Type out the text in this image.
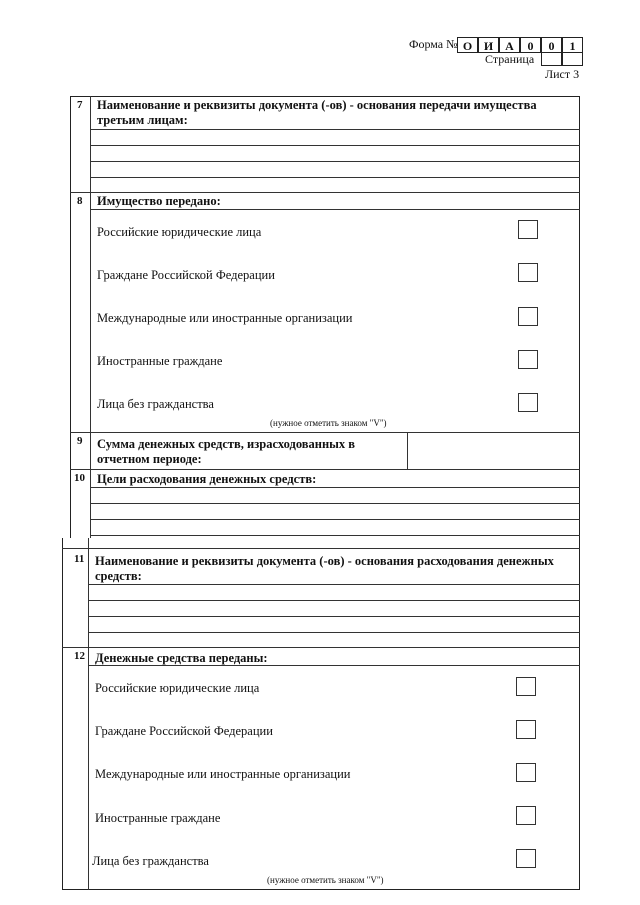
Форма № О И А	0	0	1
Страница
Лист 3
7 Наименование и реквизиты документа (-ов) - основания передачи имущества
третьим лицам:
8 Имущество передано:
Российские юридические лица
Граждане Российской Федерации
Международные или иностранные организации
Иностранные граждане
Лица без гражданства
(нужное отметить знаком "V")
9 Сумма денежных средств, израсходованных в
отчетном периоде:
10 Цели расходования денежных средств:
11 Наименование и реквизиты документа (-ов) - основания расходования денежных
средств:
12 Денежные средства переданы:
Российские юридические лица
Граждане Российской Федерации
Международные или иностранные организации
Иностранные граждане
Лица без гражданства
(нужное отметить знаком "V")
